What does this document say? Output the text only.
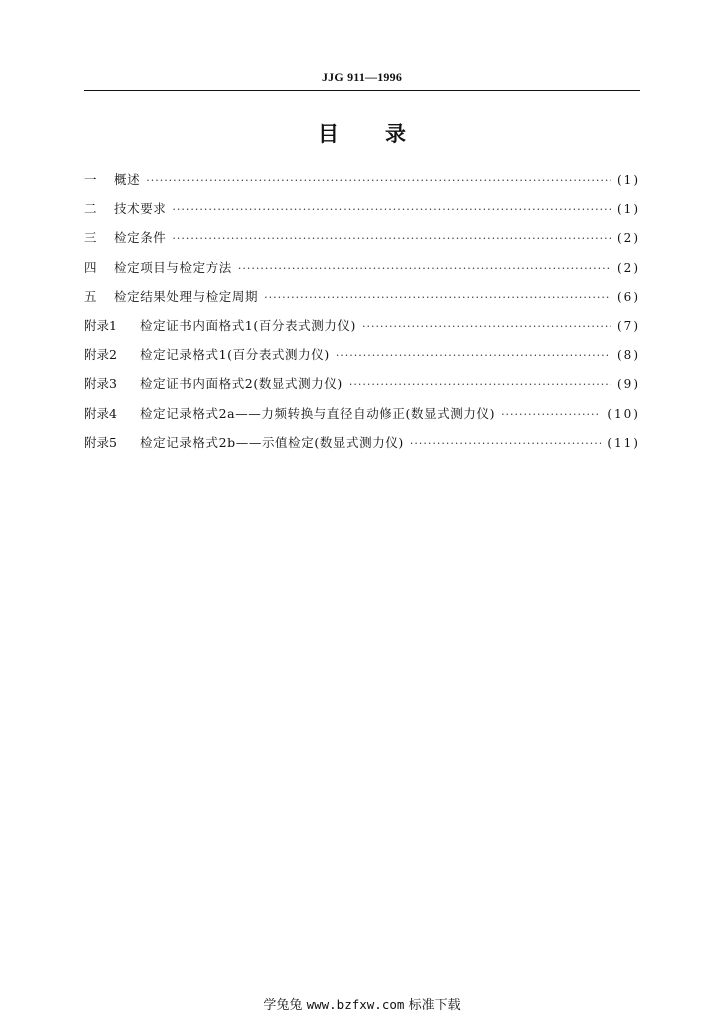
JJG 911—1996
目录
一	概述 ·····	(1)
二	技术要求 ·····	(1)
三	检定条件 ·····	(2)
四	检定项目与检定方法 ·····	(2)
五	检定结果处理与检定周期 ·····	(6)
附录1	检定证书内面格式1(百分表式测力仪) ·····	(7)
附录2	检定记录格式1(百分表式测力仪) ·····	(8)
附录3	检定证书内面格式2(数显式测力仪) ·····	(9)
附录4	检定记录格式2a——力频转换与直径自动修正(数显式测力仪) ·····	(10)
附录5	检定记录格式2b——示值检定(数显式测力仪) ·····	(11)
学兔兔 www.bzfxw.com 标准下载
